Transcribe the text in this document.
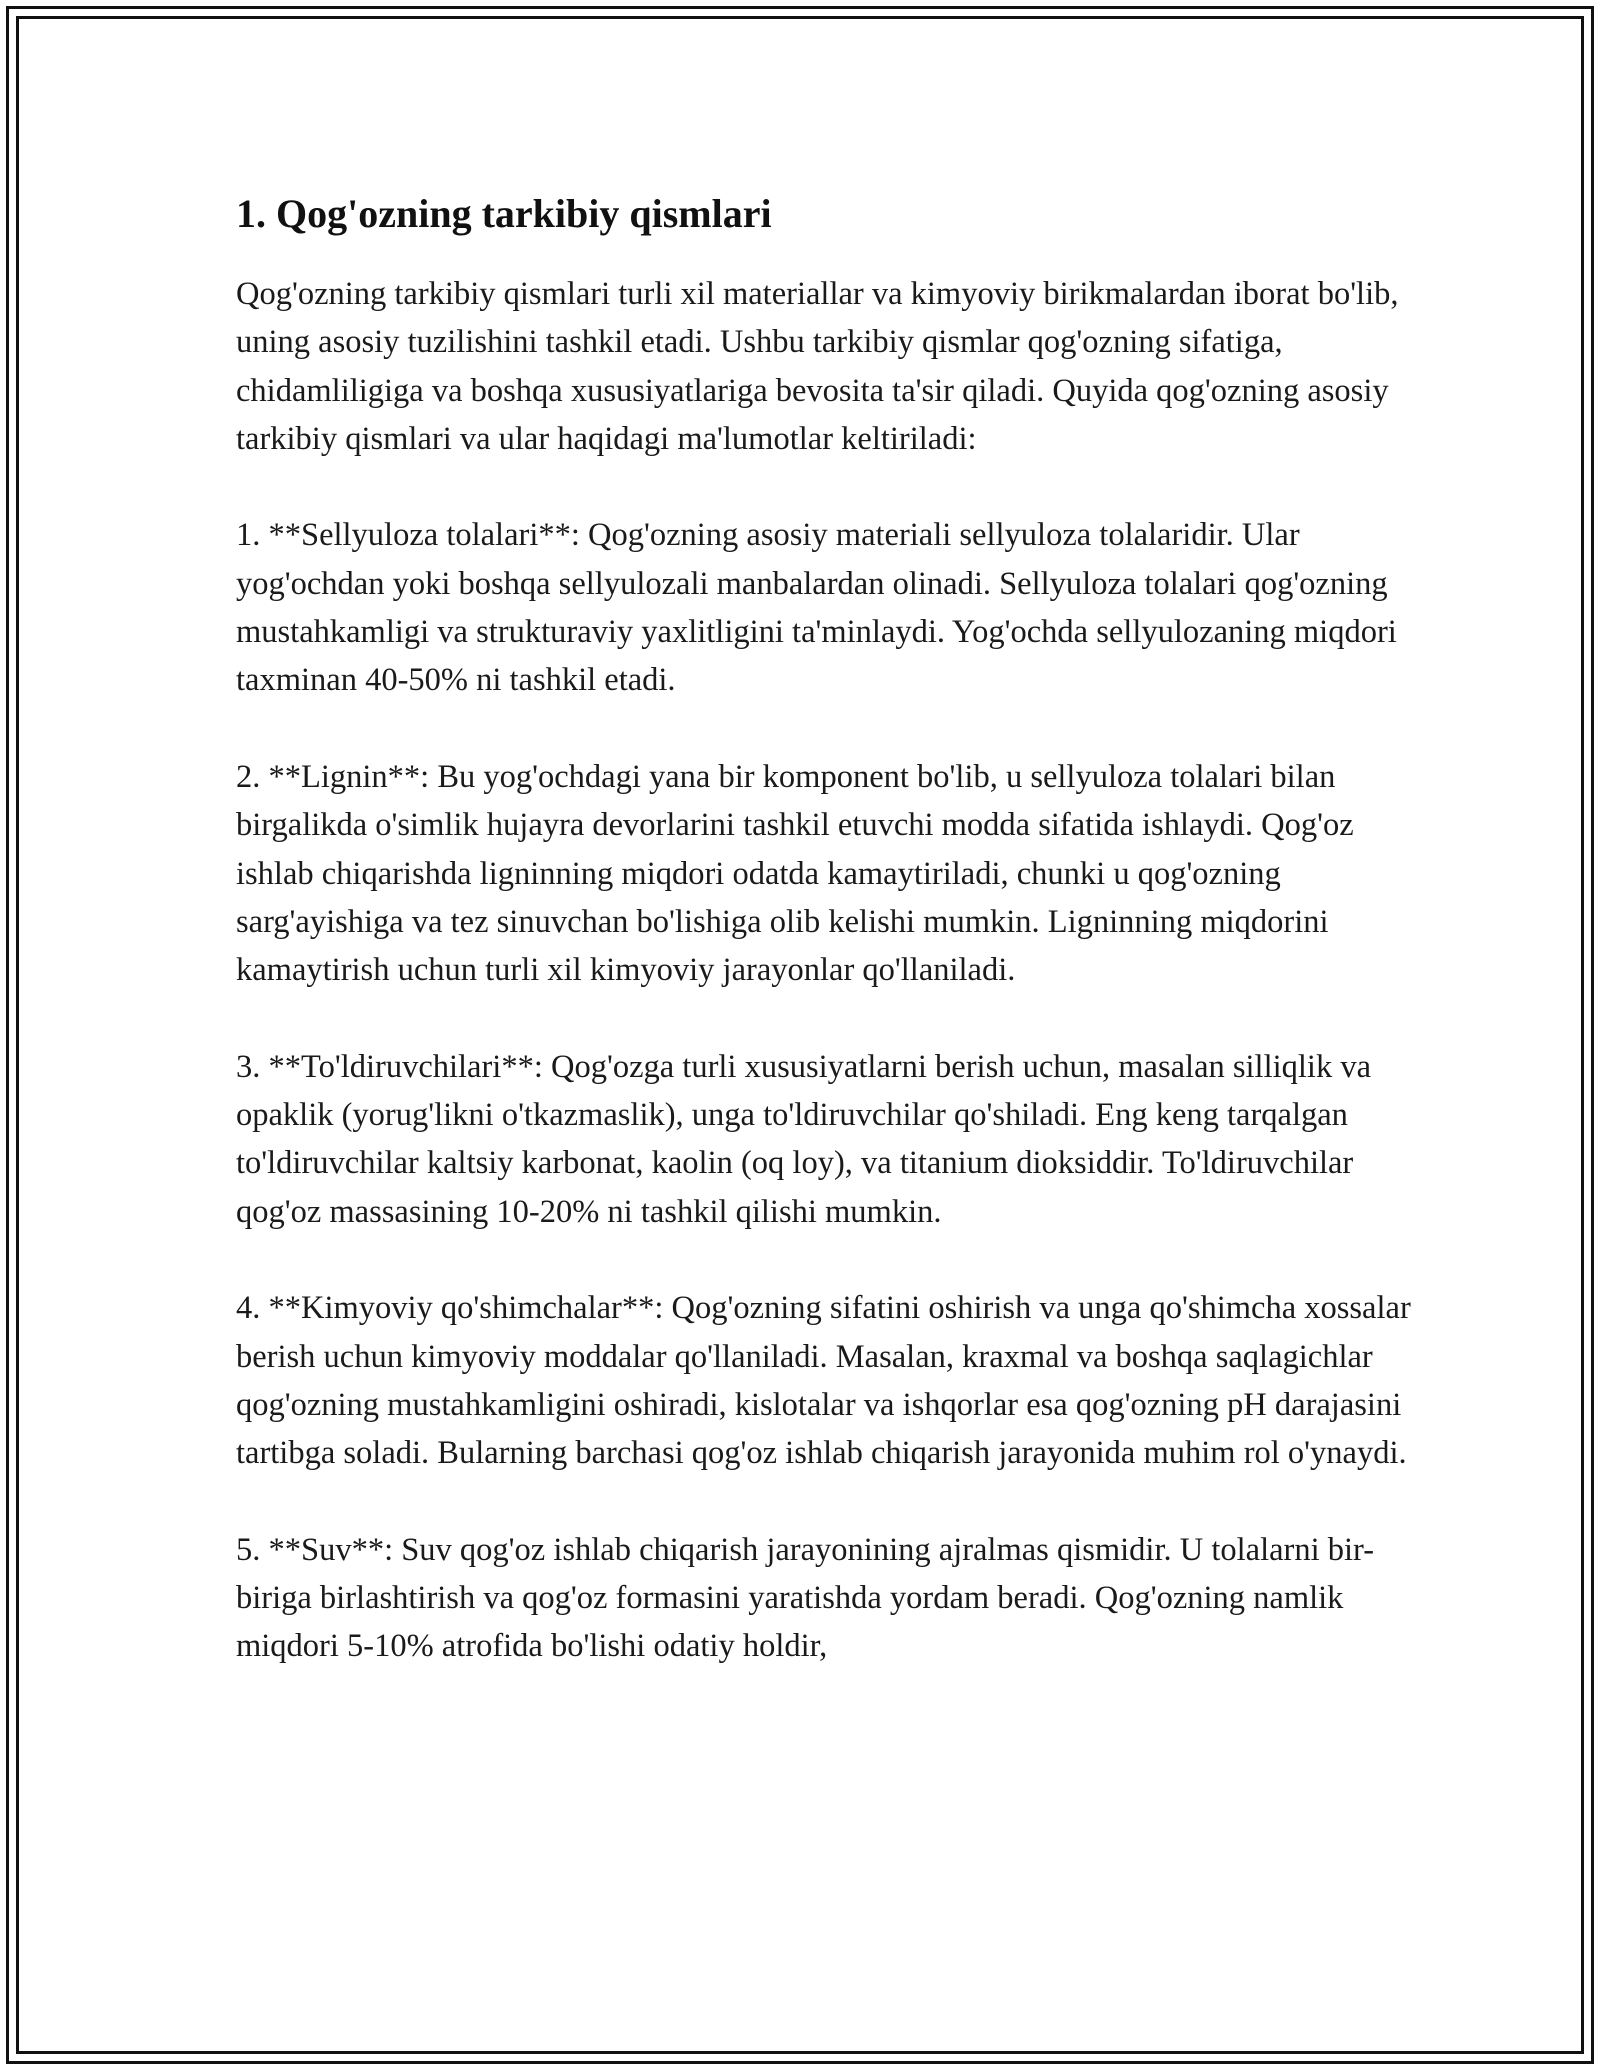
1. Qog'ozning tarkibiy qismlari

Qog'ozning tarkibiy qismlari turli xil materiallar va kimyoviy birikmalardan iborat bo'lib, uning asosiy tuzilishini tashkil etadi. Ushbu tarkibiy qismlar qog'ozning sifatiga, chidamliligiga va boshqa xususiyatlariga bevosita ta'sir qiladi. Quyida qog'ozning asosiy tarkibiy qismlari va ular haqidagi ma'lumotlar keltiriladi:

1. **Sellyuloza tolalari**: Qog'ozning asosiy materiali sellyuloza tolalaridir. Ular yog'ochdan yoki boshqa sellyulozali manbalardan olinadi. Sellyuloza tolalari qog'ozning mustahkamligi va strukturaviy yaxlitligini ta'minlaydi. Yog'ochda sellyulozaning miqdori taxminan 40-50% ni tashkil etadi.

2. **Lignin**: Bu yog'ochdagi yana bir komponent bo'lib, u sellyuloza tolalari bilan birgalikda o'simlik hujayra devorlarini tashkil etuvchi modda sifatida ishlaydi. Qog'oz ishlab chiqarishda ligninning miqdori odatda kamaytiriladi, chunki u qog'ozning sarg'ayishiga va tez sinuvchan bo'lishiga olib kelishi mumkin. Ligninning miqdorini kamaytirish uchun turli xil kimyoviy jarayonlar qo'llaniladi.

3. **To'ldiruvchilari**: Qog'ozga turli xususiyatlarni berish uchun, masalan silliqlik va opaklik (yorug'likni o'tkazmaslik), unga to'ldiruvchilar qo'shiladi. Eng keng tarqalgan to'ldiruvchilar kaltsiy karbonat, kaolin (oq loy), va titanium dioksiddir. To'ldiruvchilar qog'oz massasining 10-20% ni tashkil qilishi mumkin.

4. **Kimyoviy qo'shimchalar**: Qog'ozning sifatini oshirish va unga qo'shimcha xossalar berish uchun kimyoviy moddalar qo'llaniladi. Masalan, kraxmal va boshqa saqlagichlar qog'ozning mustahkamligini oshiradi, kislotalar va ishqorlar esa qog'ozning pH darajasini tartibga soladi. Bularning barchasi qog'oz ishlab chiqarish jarayonida muhim rol o'ynaydi.

5. **Suv**: Suv qog'oz ishlab chiqarish jarayonining ajralmas qismidir. U tolalarni bir-biriga birlashtirish va qog'oz formasini yaratishda yordam beradi. Qog'ozning namlik miqdori 5-10% atrofida bo'lishi odatiy holdir,
